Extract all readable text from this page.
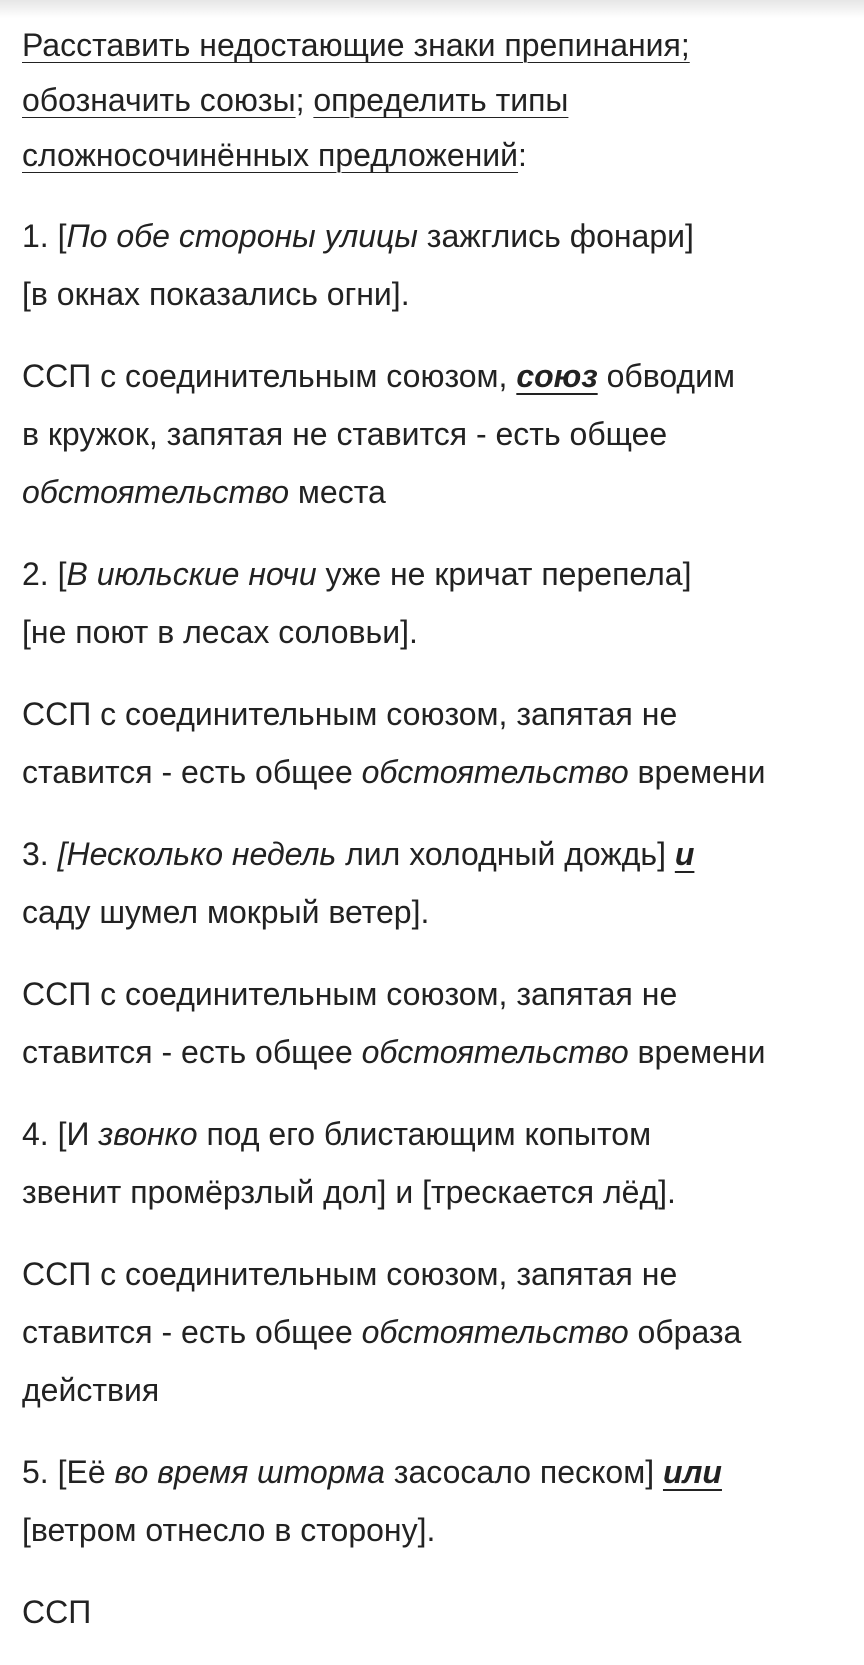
Расставить недостающие знаки препинания;
обозначить союзы; определить типы
сложносочинённых предложений:
1. [По обе стороны улицы зажглись фонари]
[в окнах показались огни].
ССП с соединительным союзом, союз обводим
в кружок, запятая не ставится - есть общее
обстоятельство места
2. [В июльские ночи уже не кричат перепела]
[не поют в лесах соловьи].
ССП с соединительным союзом, запятая не
ставится - есть общее обстоятельство времени
3. [Несколько недель лил холодный дождь] и
саду шумел мокрый ветер].
ССП с соединительным союзом, запятая не
ставится - есть общее обстоятельство времени
4. [И звонко под его блистающим копытом
звенит промёрзлый дол] и [трескается лёд].
ССП с соединительным союзом, запятая не
ставится - есть общее обстоятельство образа
действия
5. [Её во время шторма засосало песком] или
[ветром отнесло в сторону].
ССП
